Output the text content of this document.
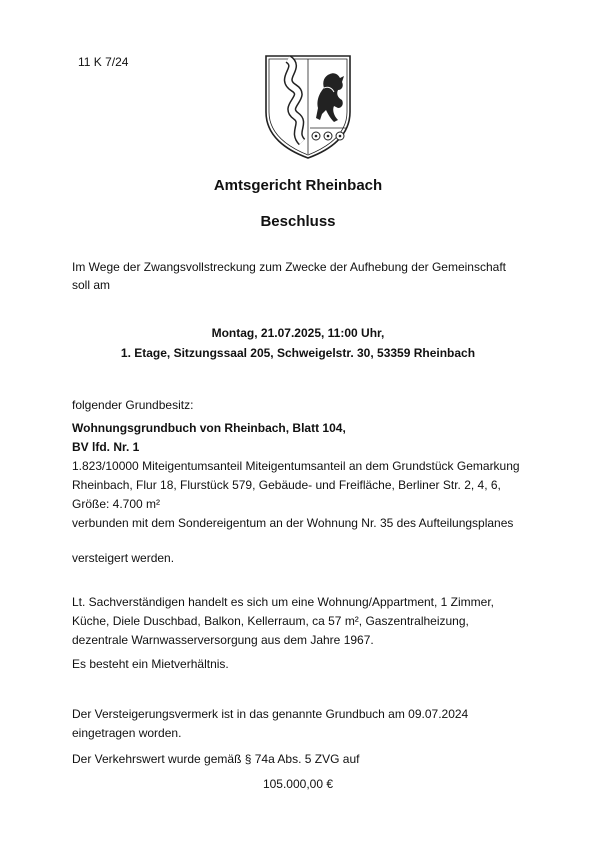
11 K 7/24
Amtsgericht Rheinbach
Beschluss
Im Wege der Zwangsvollstreckung zum Zwecke der Aufhebung der Gemeinschaft
soll am
Montag, 21.07.2025, 11:00 Uhr,
1. Etage, Sitzungssaal 205, Schweigelstr. 30, 53359 Rheinbach
folgender Grundbesitz:
Wohnungsgrundbuch von Rheinbach, Blatt 104,
BV lfd. Nr. 1
1.823/10000 Miteigentumsanteil Miteigentumsanteil an dem Grundstück Gemarkung
Rheinbach, Flur 18, Flurstück 579, Gebäude- und Freifläche, Berliner Str. 2, 4, 6,
Größe: 4.700 m²
verbunden mit dem Sondereigentum an der Wohnung Nr. 35 des Aufteilungsplanes
versteigert werden.
Lt. Sachverständigen handelt es sich um eine Wohnung/Appartment, 1 Zimmer,
Küche, Diele Duschbad, Balkon, Kellerraum, ca 57 m², Gaszentralheizung,
dezentrale Warnwasserversorgung aus dem Jahre 1967.
Es besteht ein Mietverhältnis.
Der Versteigerungsvermerk ist in das genannte Grundbuch am 09.07.2024
eingetragen worden.
Der Verkehrswert wurde gemäß § 74a Abs. 5 ZVG auf
105.000,00 €
